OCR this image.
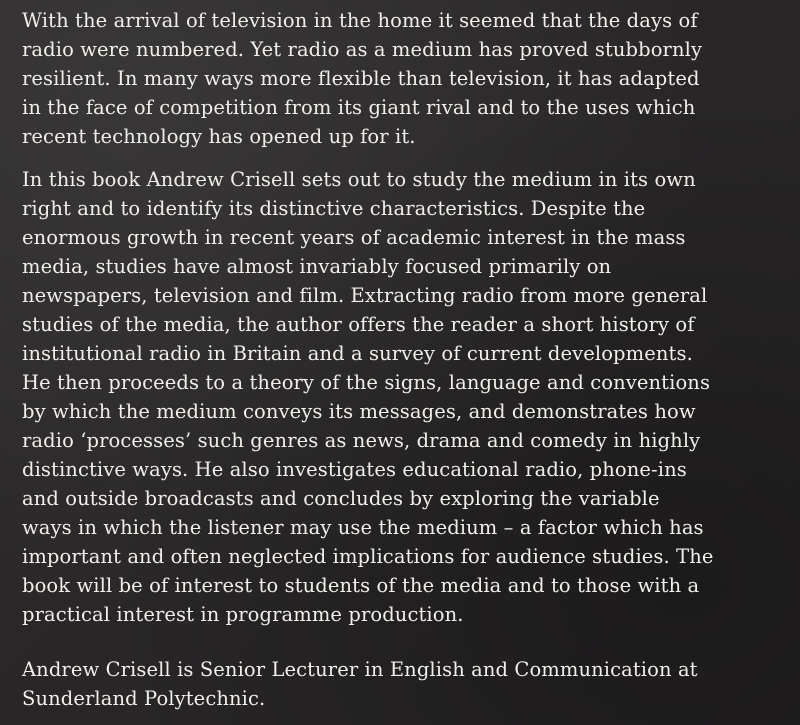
With the arrival of television in the home it seemed that the days of
radio were numbered. Yet radio as a medium has proved stubbornly
resilient. In many ways more flexible than television, it has adapted
in the face of competition from its giant rival and to the uses which
recent technology has opened up for it.
In this book Andrew Crisell sets out to study the medium in its own
right and to identify its distinctive characteristics. Despite the
enormous growth in recent years of academic interest in the mass
media, studies have almost invariably focused primarily on
newspapers, television and film. Extracting radio from more general
studies of the media, the author offers the reader a short history of
institutional radio in Britain and a survey of current developments.
He then proceeds to a theory of the signs, language and conventions
by which the medium conveys its messages, and demonstrates how
radio ‘processes’ such genres as news, drama and comedy in highly
distinctive ways. He also investigates educational radio, phone-ins
and outside broadcasts and concludes by exploring the variable
ways in which the listener may use the medium – a factor which has
important and often neglected implications for audience studies. The
book will be of interest to students of the media and to those with a
practical interest in programme production.
Andrew Crisell is Senior Lecturer in English and Communication at
Sunderland Polytechnic.
